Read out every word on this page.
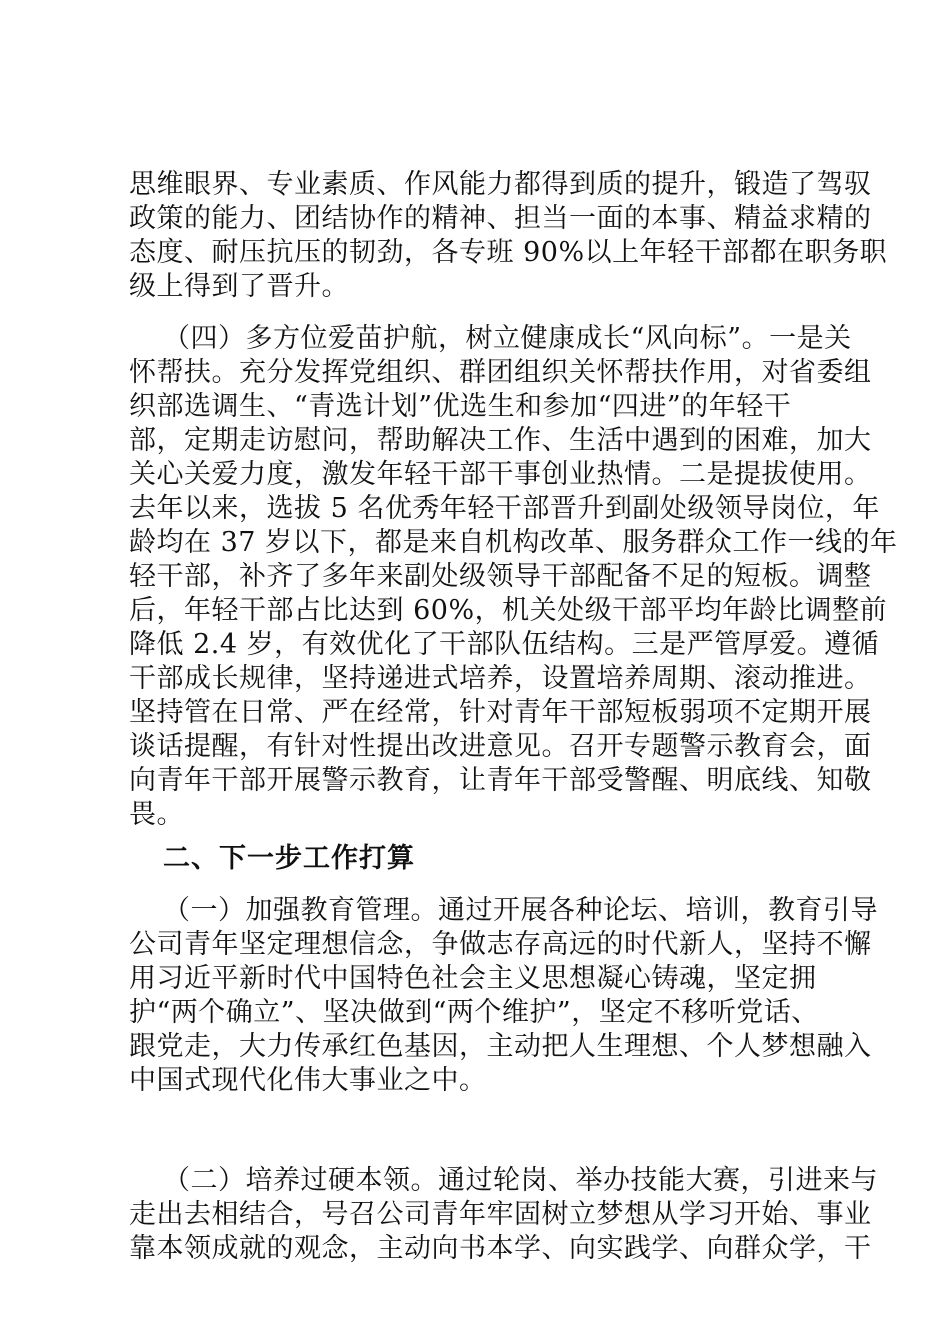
思维眼界、专业素质、作风能力都得到质的提升，锻造了驾驭
政策的能力、团结协作的精神、担当一面的本事、精益求精的
态度、耐压抗压的韧劲，各专班 90%以上年轻干部都在职务职
级上得到了晋升。
（四）多方位爱苗护航，树立健康成长“风向标”。一是关
怀帮扶。充分发挥党组织、群团组织关怀帮扶作用，对省委组
织部选调生、“青选计划”优选生和参加“四进”的年轻干
部，定期走访慰问，帮助解决工作、生活中遇到的困难，加大
关心关爱力度，激发年轻干部干事创业热情。二是提拔使用。
去年以来，选拔 5 名优秀年轻干部晋升到副处级领导岗位，年
龄均在 37 岁以下，都是来自机构改革、服务群众工作一线的年
轻干部，补齐了多年来副处级领导干部配备不足的短板。调整
后，年轻干部占比达到 60%，机关处级干部平均年龄比调整前
降低 2.4 岁，有效优化了干部队伍结构。三是严管厚爱。遵循
干部成长规律，坚持递进式培养，设置培养周期、滚动推进。
坚持管在日常、严在经常，针对青年干部短板弱项不定期开展
谈话提醒，有针对性提出改进意见。召开专题警示教育会，面
向青年干部开展警示教育，让青年干部受警醒、明底线、知敬
畏。
二、下一步工作打算
（一）加强教育管理。通过开展各种论坛、培训，教育引导
公司青年坚定理想信念，争做志存高远的时代新人，坚持不懈
用习近平新时代中国特色社会主义思想凝心铸魂，坚定拥
护“两个确立”、坚决做到“两个维护”，坚定不移听党话、
跟党走，大力传承红色基因，主动把人生理想、个人梦想融入
中国式现代化伟大事业之中。
（二）培养过硬本领。通过轮岗、举办技能大赛，引进来与
走出去相结合，号召公司青年牢固树立梦想从学习开始、事业
靠本领成就的观念，主动向书本学、向实践学、向群众学，干
